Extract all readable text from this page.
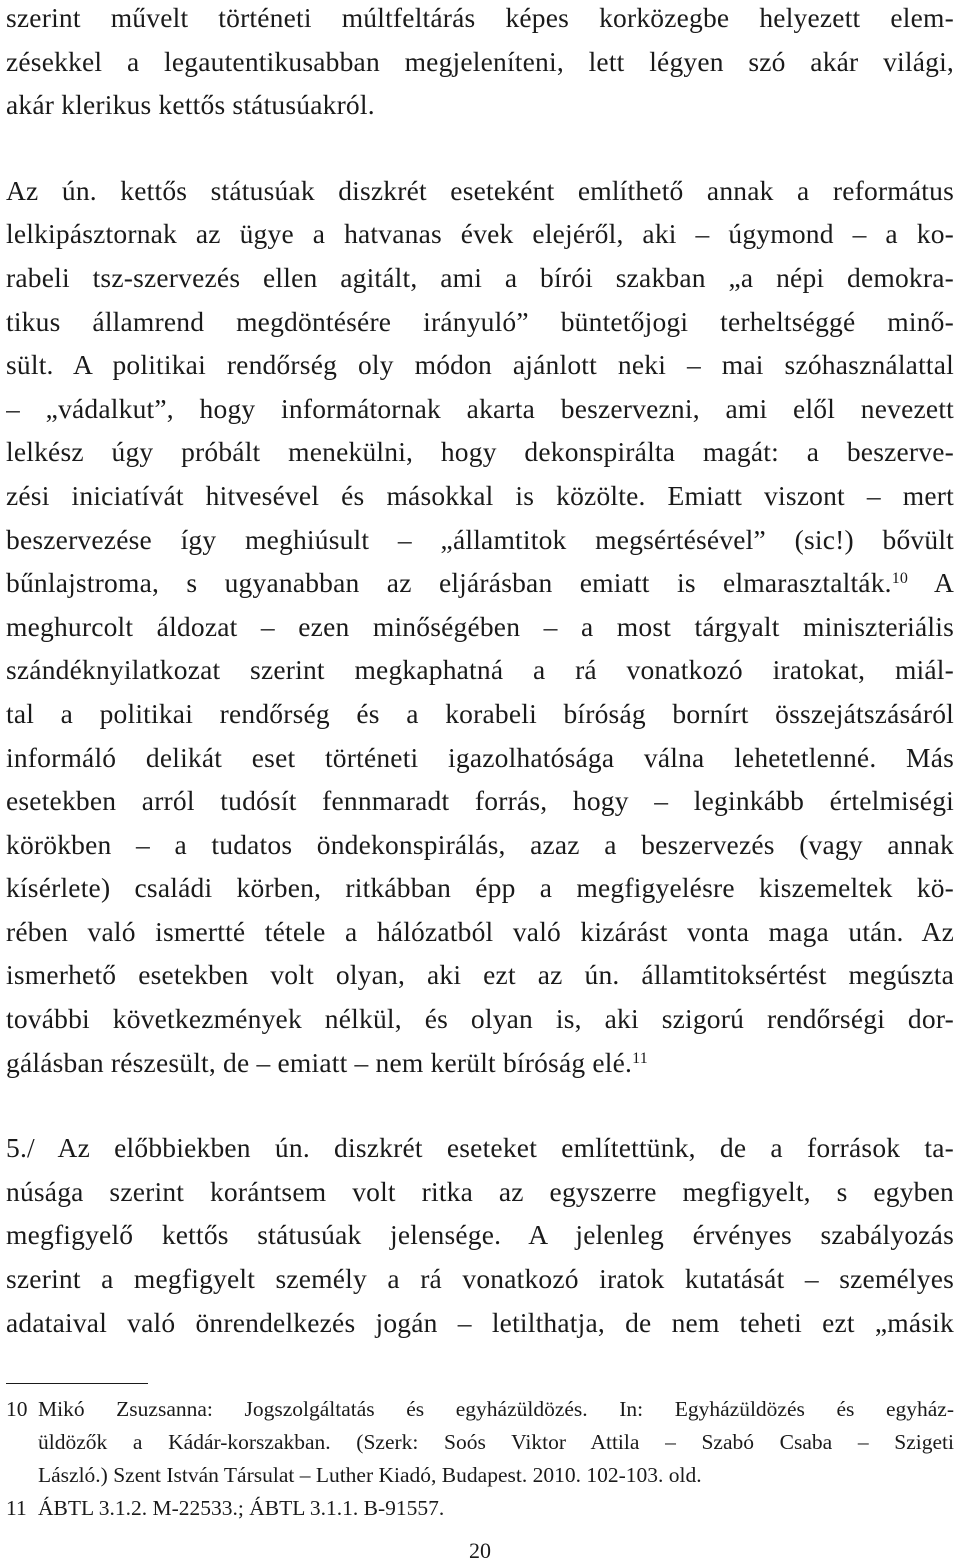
szerint művelt történeti múltfeltárás képes korközegbe helyezett elem-
zésekkel a legautentikusabban megjeleníteni, lett légyen szó akár világi,
akár klerikus kettős státusúakról.
Az ún. kettős státusúak diszkrét eseteként említhető annak a református
lelkipásztornak az ügye a hatvanas évek elejéről, aki – úgymond – a ko-
rabeli tsz-szervezés ellen agitált, ami a bírói szakban „a népi demokra-
tikus államrend megdöntésére irányuló” büntetőjogi terheltséggé minő-
sült. A politikai rendőrség oly módon ajánlott neki – mai szóhasználattal
– „vádalkut”, hogy informátornak akarta beszervezni, ami elől nevezett
lelkész úgy próbált menekülni, hogy dekonspirálta magát: a beszerve-
zési iniciatívát hitvesével és másokkal is közölte. Emiatt viszont – mert
beszervezése így meghiúsult – „államtitok megsértésével” (sic!) bővült
bűnlajstroma, s ugyanabban az eljárásban emiatt is elmarasztalták.$^{10}$ A
meghurcolt áldozat – ezen minőségében – a most tárgyalt miniszteriális
szándéknyilatkozat szerint megkaphatná a rá vonatkozó iratokat, miál-
tal a politikai rendőrség és a korabeli bíróság bornírt összejátszásáról
informáló delikát eset történeti igazolhatósága válna lehetetlenné. Más
esetekben arról tudósít fennmaradt forrás, hogy – leginkább értelmiségi
körökben – a tudatos öndekonspirálás, azaz a beszervezés (vagy annak
kísérlete) családi körben, ritkábban épp a megfigyelésre kiszemeltek kö-
rében való ismertté tétele a hálózatból való kizárást vonta maga után. Az
ismerhető esetekben volt olyan, aki ezt az ún. államtitoksértést megúszta
további következmények nélkül, és olyan is, aki szigorú rendőrségi dor-
gálásban részesült, de – emiatt – nem került bíróság elé.$^{11}$
5./ Az előbbiekben ún. diszkrét eseteket említettünk, de a források ta-
núsága szerint korántsem volt ritka az egyszerre megfigyelt, s egyben
megfigyelő kettős státusúak jelensége. A jelenleg érvényes szabályozás
szerint a megfigyelt személy a rá vonatkozó iratok kutatását – személyes
adataival való önrendelkezés jogán – letilthatja, de nem teheti ezt „másik
10 Mikó Zsuzsanna: Jogszolgáltatás és egyházüldözés. In: Egyházüldözés és egyház-
üldözők a Kádár-korszakban. (Szerk: Soós Viktor Attila – Szabó Csaba – Szigeti
László.) Szent István Társulat – Luther Kiadó, Budapest. 2010. 102-103. old.
11 ÁBTL 3.1.2. M-22533.; ÁBTL 3.1.1. B-91557.
20
